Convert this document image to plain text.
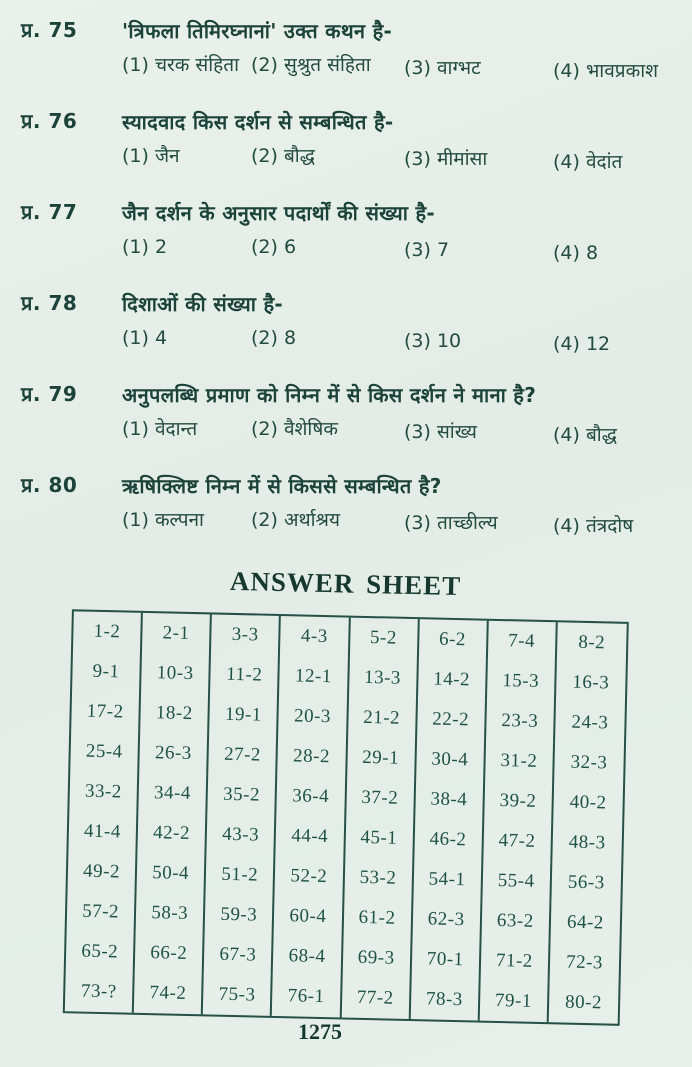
प्र. 75	'त्रिफला तिमिरघ्नानां' उक्त कथन है-
(1) चरक संहिता (2) सुश्रुत संहिता	(3) वाग्भट	(4) भावप्रकाश
प्र. 76	स्यादवाद किस दर्शन से सम्बन्धित है-
(1) जैन	(2) बौद्ध	(3) मीमांसा	(4) वेदांत
प्र. 77	जैन दर्शन के अनुसार पदार्थों की संख्या है-
(1) 2	(2) 6	(3) 7	(4) 8
प्र. 78	दिशाओं की संख्या है-
(1) 4	(2) 8	(3) 10	(4) 12
प्र. 79	अनुपलब्धि प्रमाण को निम्न में से किस दर्शन ने माना है?
(1) वेदान्त	(2) वैशेषिक	(3) सांख्य	(4) बौद्ध
प्र. 80	ऋषिक्लिष्ट निम्न में से किससे सम्बन्धित है?
(1) कल्पना	(2) अर्थाश्रय	(3) ताच्छील्य	(4) तंत्रदोष
ANSWER SHEET
1-2	2-1	3-3	4-3	5-2	6-2	7-4	8-2
9-1	10-3	11-2	12-1	13-3	14-2	15-3	16-3
17-2	18-2	19-1	20-3	21-2	22-2	23-3	24-3
25-4	26-3	27-2	28-2	29-1	30-4	31-2	32-3
33-2	34-4	35-2	36-4	37-2	38-4	39-2	40-2
41-4	42-2	43-3	44-4	45-1	46-2	47-2	48-3
49-2	50-4	51-2	52-2	53-2	54-1	55-4	56-3
57-2	58-3	59-3	60-4	61-2	62-3	63-2	64-2
65-2	66-2	67-3	68-4	69-3	70-1	71-2	72-3
73-?	74-2	75-3	76-1	77-2	78-3	79-1	80-2
1275
